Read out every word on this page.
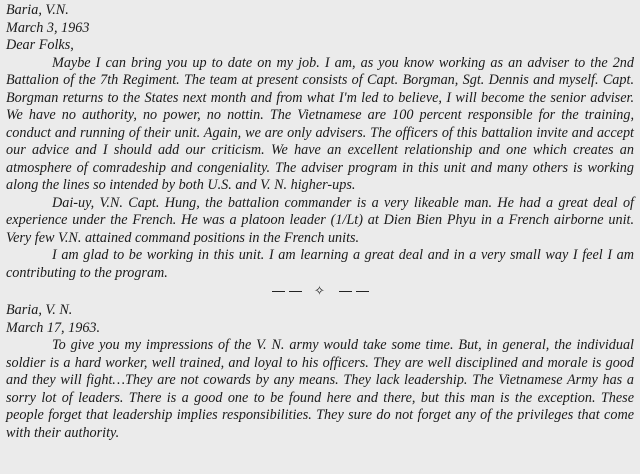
Baria, V.N.

March 3, 1963

Dear Folks,

Maybe I can bring you up to date on my job. I am, as you know working as an adviser to the 2nd Battalion of the 7th Regiment. The team at present consists of Capt. Borgman, Sgt. Dennis and myself. Capt. Borgman returns to the States next month and from what I'm led to believe, I will become the senior adviser. We have no authority, no power, no nottin. The Vietnamese are 100 percent responsible for the training, conduct and running of their unit. Again, we are only advisers. The officers of this battalion invite and accept our advice and I should add our criticism. We have an excellent relationship and one which creates an atmosphere of comradeship and congeniality. The adviser program in this unit and many others is working along the lines so intended by both U.S. and V. N. higher-ups.

Dai-uy, V.N. Capt. Hung, the battalion commander is a very likeable man. He had a great deal of experience under the French. He was a platoon leader (1/Lt) at Dien Bien Phyu in a French airborne unit. Very few V.N. attained command positions in the French units.

I am glad to be working in this unit. I am learning a great deal and in a very small way I feel I am contributing to the program.

✧

Baria, V. N.

March 17, 1963.

To give you my impressions of the V. N. army would take some time. But, in general, the individual soldier is a hard worker, well trained, and loyal to his officers. They are well disciplined and morale is good and they will fight…They are not cowards by any means. They lack leadership. The Vietnamese Army has a sorry lot of leaders. There is a good one to be found here and there, but this man is the exception. These people forget that leadership implies responsibilities. They sure do not forget any of the privileges that come with their authority.
